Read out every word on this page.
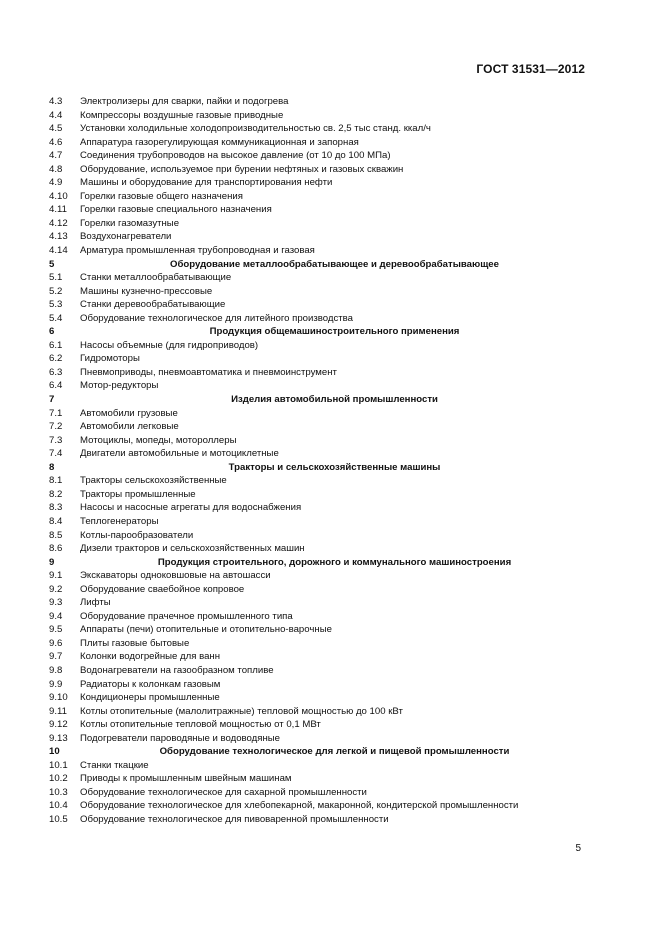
ГОСТ 31531—2012
4.3 Электролизеры для сварки, пайки и подогрева
4.4 Компрессоры воздушные газовые приводные
4.5 Установки холодильные холодопроизводительностью св. 2,5 тыс станд. ккал/ч
4.6 Аппаратура газорегулирующая коммуникационная и запорная
4.7 Соединения трубопроводов на высокое давление (от 10 до 100 МПа)
4.8 Оборудование, используемое при бурении нефтяных и газовых скважин
4.9 Машины и оборудование для транспортирования нефти
4.10 Горелки газовые общего назначения
4.11 Горелки газовые специального назначения
4.12 Горелки газомазутные
4.13 Воздухонагреватели
4.14 Арматура промышленная трубопроводная и газовая
5	Оборудование металлообрабатывающее и деревообрабатывающее
5.1 Станки металлообрабатывающие
5.2 Машины кузнечно-прессовые
5.3 Станки деревообрабатывающие
5.4 Оборудование технологическое для литейного производства
6	Продукция общемашиностроительного применения
6.1 Насосы объемные (для гидроприводов)
6.2 Гидромоторы
6.3 Пневмоприводы, пневмоавтоматика и пневмоинструмент
6.4 Мотор-редукторы
7	Изделия автомобильной промышленности
7.1 Автомобили грузовые
7.2 Автомобили легковые
7.3 Мотоциклы, мопеды, мотороллеры
7.4 Двигатели автомобильные и мотоциклетные
8	Тракторы и сельскохозяйственные машины
8.1 Тракторы сельскохозяйственные
8.2 Тракторы промышленные
8.3 Насосы и насосные агрегаты для водоснабжения
8.4 Теплогенераторы
8.5 Котлы-парообразователи
8.6 Дизели тракторов и сельскохозяйственных машин
9	Продукция строительного, дорожного и коммунального машиностроения
9.1 Экскаваторы одноковшовые на автошасси
9.2 Оборудование сваебойное копровое
9.3 Лифты
9.4 Оборудование прачечное промышленного типа
9.5 Аппараты (печи) отопительные и отопительно-варочные
9.6 Плиты газовые бытовые
9.7 Колонки водогрейные для ванн
9.8 Водонагреватели на газообразном топливе
9.9 Радиаторы к колонкам газовым
9.10 Кондиционеры промышленные
9.11 Котлы отопительные (малолитражные) тепловой мощностью до 100 кВт
9.12 Котлы отопительные тепловой мощностью от 0,1 МВт
9.13 Подогреватели пароводяные и водоводяные
10	Оборудование технологическое для легкой и пищевой промышленности
10.1 Станки ткацкие
10.2 Приводы к промышленным швейным машинам
10.3 Оборудование технологическое для сахарной промышленности
10.4 Оборудование технологическое для хлебопекарной, макаронной, кондитерской промышленности
10.5 Оборудование технологическое для пивоваренной промышленности
5
